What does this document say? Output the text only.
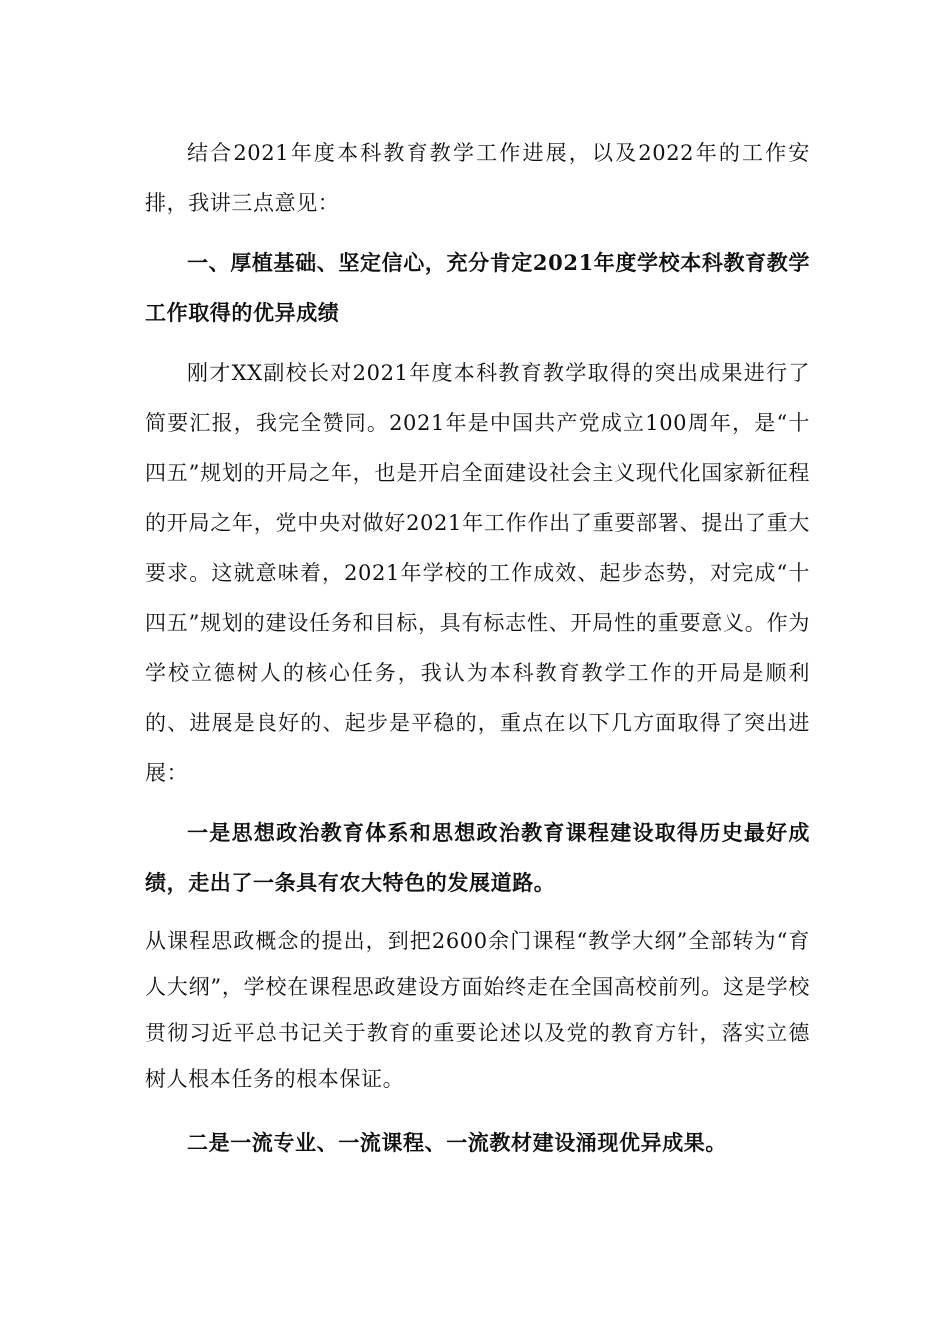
结合2021年度本科教育教学工作进展，以及2022年的工作安排，我讲三点意见：

一、厚植基础、坚定信心，充分肯定2021年度学校本科教育教学工作取得的优异成绩

刚才XX副校长对2021年度本科教育教学取得的突出成果进行了简要汇报，我完全赞同。2021年是中国共产党成立100周年，是“十四五”规划的开局之年，也是开启全面建设社会主义现代化国家新征程的开局之年，党中央对做好2021年工作作出了重要部署、提出了重大要求。这就意味着，2021年学校的工作成效、起步态势，对完成“十四五”规划的建设任务和目标，具有标志性、开局性的重要意义。作为学校立德树人的核心任务，我认为本科教育教学工作的开局是顺利的、进展是良好的、起步是平稳的，重点在以下几方面取得了突出进展：

一是思想政治教育体系和思想政治教育课程建设取得历史最好成绩，走出了一条具有农大特色的发展道路。

从课程思政概念的提出，到把2600余门课程“教学大纲”全部转为“育人大纲”，学校在课程思政建设方面始终走在全国高校前列。这是学校贯彻习近平总书记关于教育的重要论述以及党的教育方针，落实立德树人根本任务的根本保证。

二是一流专业、一流课程、一流教材建设涌现优异成果。
